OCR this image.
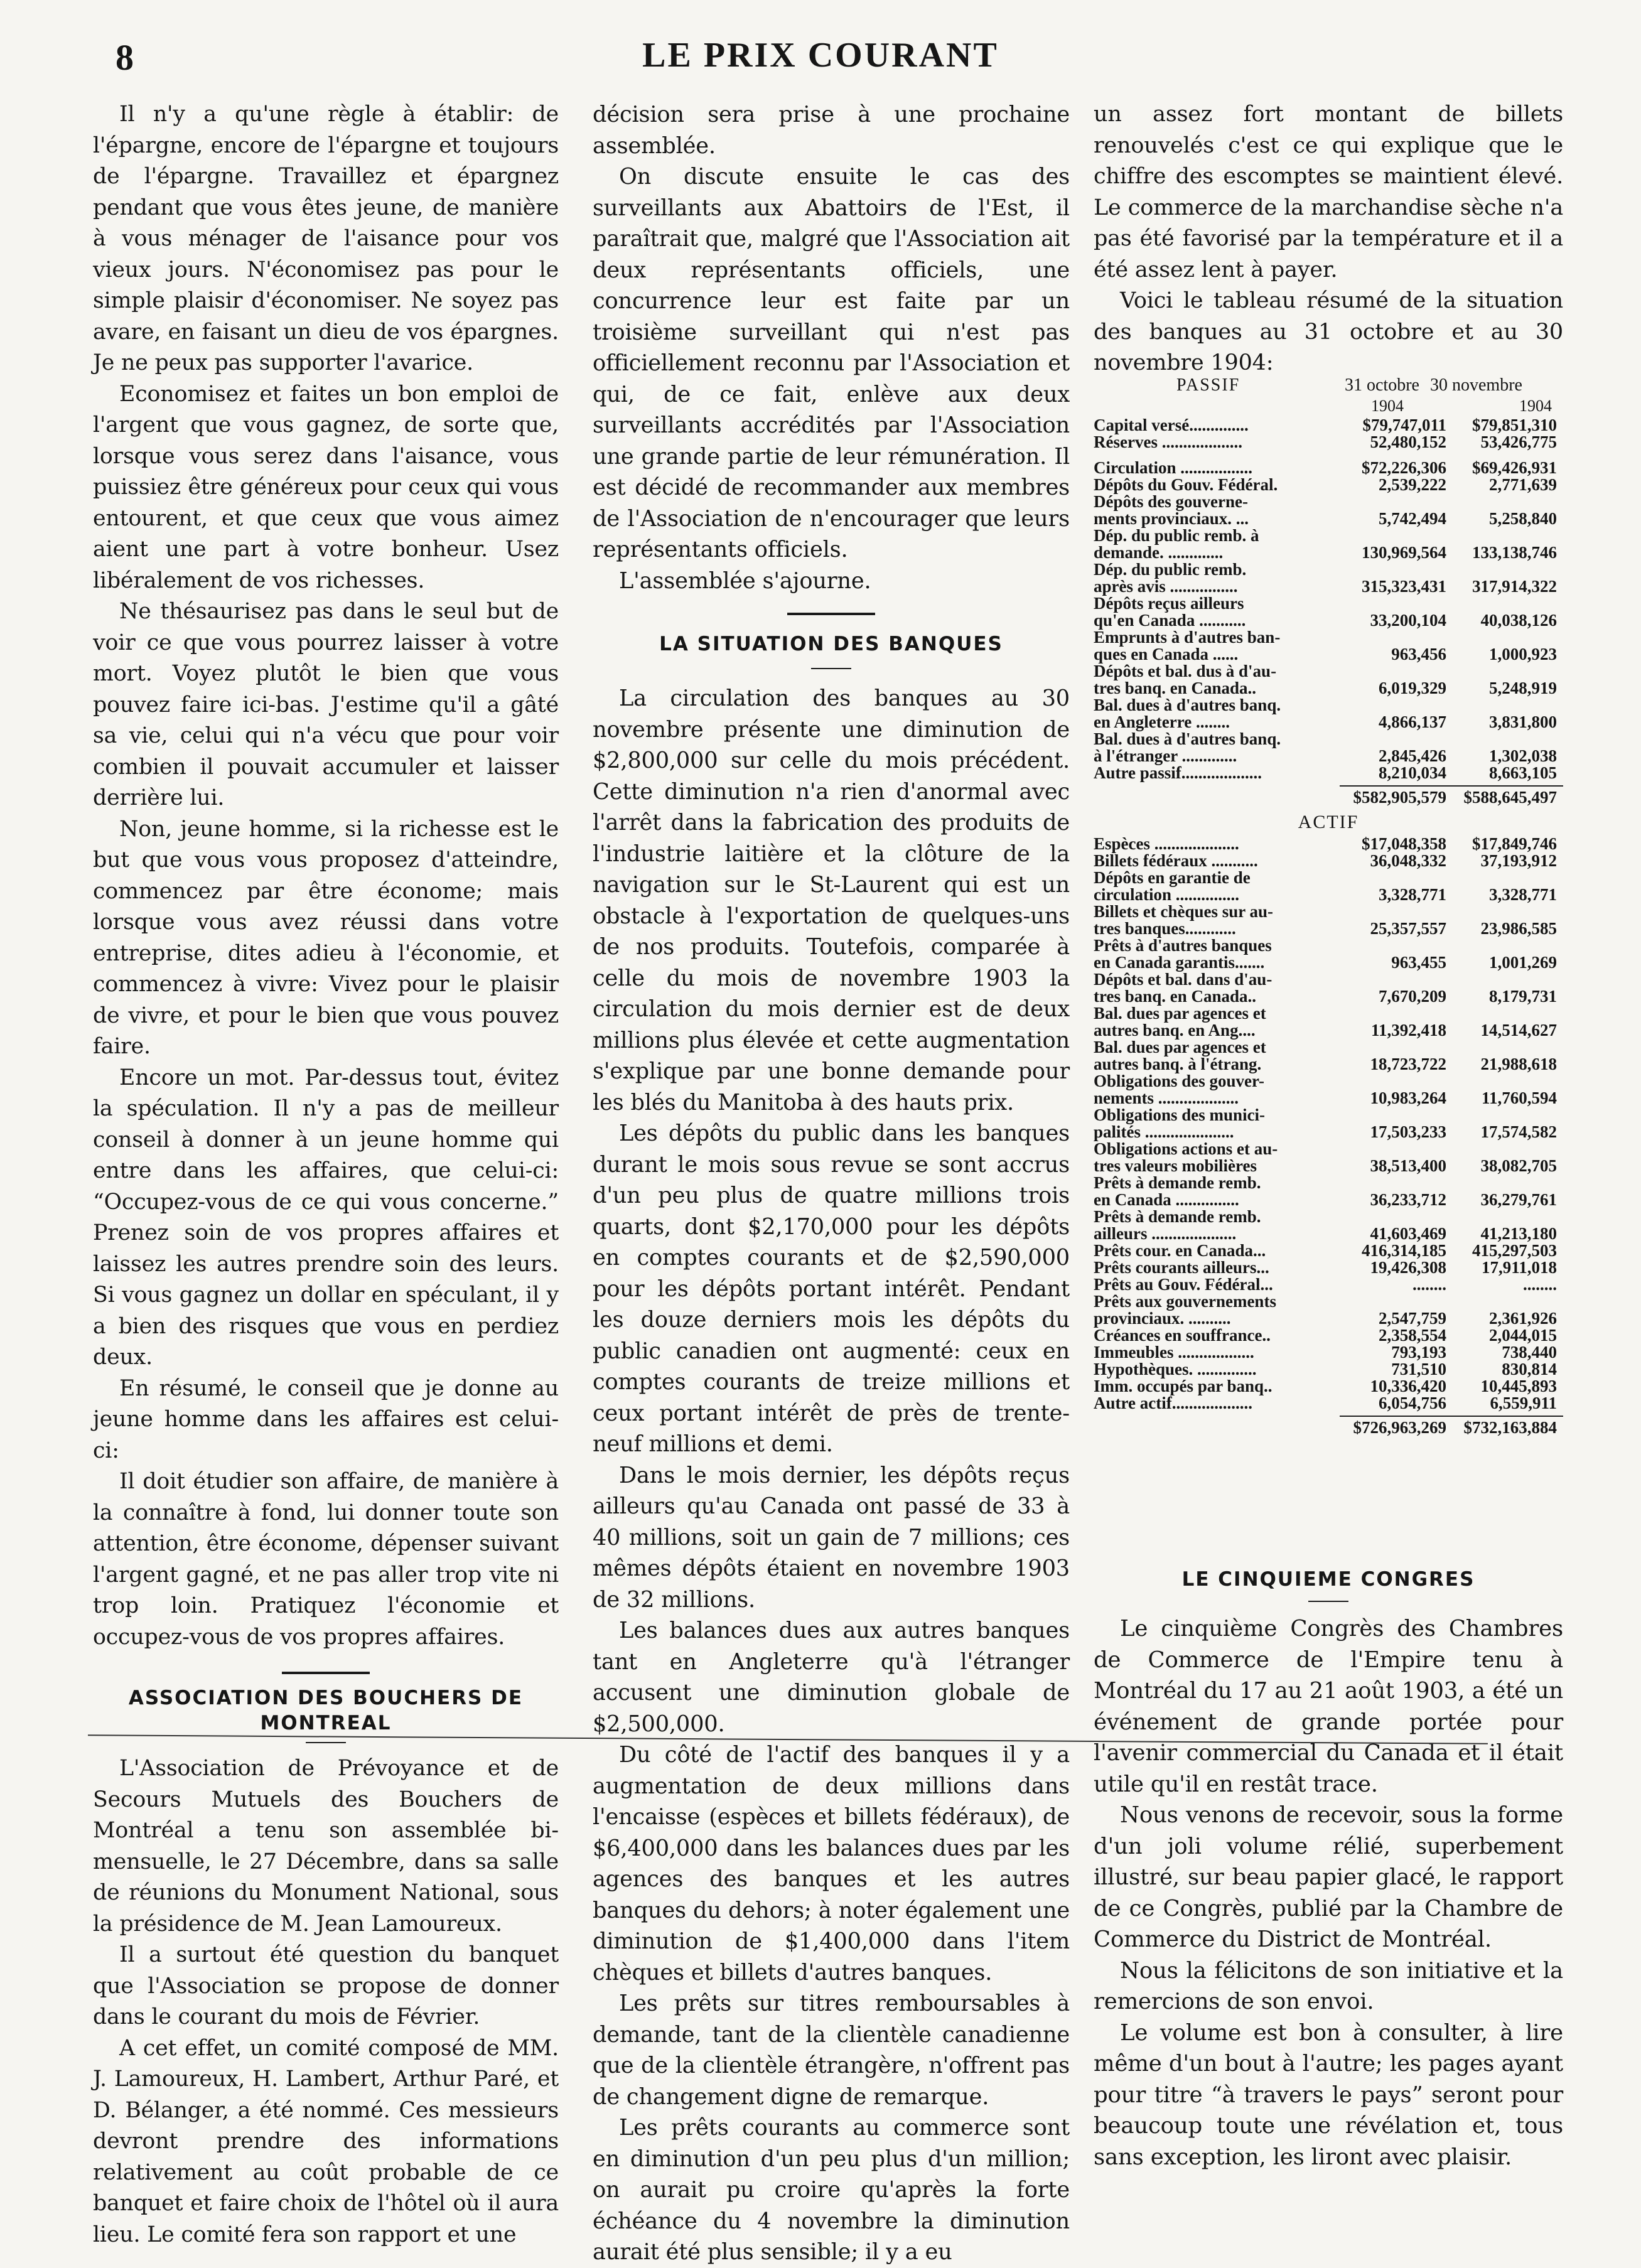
8	LE PRIX COURANT

Il n'y a qu'une règle à établir: de l'épargne, encore de l'épargne et toujours de l'épargne. Travaillez et épargnez pendant que vous êtes jeune, de manière à vous ménager de l'aisance pour vos vieux jours. N'économisez pas pour le simple plaisir d'économiser. Ne soyez pas avare, en faisant un dieu de vos épargnes. Je ne peux pas supporter l'avarice.

Economisez et faites un bon emploi de l'argent que vous gagnez, de sorte que, lorsque vous serez dans l'aisance, vous puissiez être généreux pour ceux qui vous entourent, et que ceux que vous aimez aient une part à votre bonheur. Usez libéralement de vos richesses.

Ne thésaurisez pas dans le seul but de voir ce que vous pourrez laisser à votre mort. Voyez plutôt le bien que vous pouvez faire ici-bas. J'estime qu'il a gâté sa vie, celui qui n'a vécu que pour voir combien il pouvait accumuler et laisser derrière lui.

Non, jeune homme, si la richesse est le but que vous vous proposez d'atteindre, commencez par être économe; mais lorsque vous avez réussi dans votre entreprise, dites adieu à l'économie, et commencez à vivre: Vivez pour le plaisir de vivre, et pour le bien que vous pouvez faire.

Encore un mot. Par-dessus tout, évitez la spéculation. Il n'y a pas de meilleur conseil à donner à un jeune homme qui entre dans les affaires, que celui-ci: “Occupez-vous de ce qui vous concerne.” Prenez soin de vos propres affaires et laissez les autres prendre soin des leurs. Si vous gagnez un dollar en spéculant, il y a bien des risques que vous en perdiez deux.

En résumé, le conseil que je donne au jeune homme dans les affaires est celui-ci:

Il doit étudier son affaire, de manière à la connaître à fond, lui donner toute son attention, être économe, dépenser suivant l'argent gagné, et ne pas aller trop vite ni trop loin. Pratiquez l'économie et occupez-vous de vos propres affaires.

ASSOCIATION DES BOUCHERS DE MONTREAL

L'Association de Prévoyance et de Secours Mutuels des Bouchers de Montréal a tenu son assemblée bi-mensuelle, le 27 Décembre, dans sa salle de réunions du Monument National, sous la présidence de M. Jean Lamoureux.

Il a surtout été question du banquet que l'Association se propose de donner dans le courant du mois de Février.

A cet effet, un comité composé de MM. J. Lamoureux, H. Lambert, Arthur Paré, et D. Bélanger, a été nommé. Ces messieurs devront prendre des informations relativement au coût probable de ce banquet et faire choix de l'hôtel où il aura lieu. Le comité fera son rapport et une

décision sera prise à une prochaine assemblée.

On discute ensuite le cas des surveillants aux Abattoirs de l'Est, il paraîtrait que, malgré que l'Association ait deux représentants officiels, une concurrence leur est faite par un troisième surveillant qui n'est pas officiellement reconnu par l'Association et qui, de ce fait, enlève aux deux surveillants accrédités par l'Association une grande partie de leur rémunération. Il est décidé de recommander aux membres de l'Association de n'encourager que leurs représentants officiels.

L'assemblée s'ajourne.

LA SITUATION DES BANQUES

La circulation des banques au 30 novembre présente une diminution de $2,800,000 sur celle du mois précédent. Cette diminution n'a rien d'anormal avec l'arrêt dans la fabrication des produits de l'industrie laitière et la clôture de la navigation sur le St-Laurent qui est un obstacle à l'exportation de quelques-uns de nos produits. Toutefois, comparée à celle du mois de novembre 1903 la circulation du mois dernier est de deux millions plus élevée et cette augmentation s'explique par une bonne demande pour les blés du Manitoba à des hauts prix.

Les dépôts du public dans les banques durant le mois sous revue se sont accrus d'un peu plus de quatre millions trois quarts, dont $2,170,000 pour les dépôts en comptes courants et de $2,590,000 pour les dépôts portant intérêt. Pendant les douze derniers mois les dépôts du public canadien ont augmenté: ceux en comptes courants de treize millions et ceux portant intérêt de près de trente-neuf millions et demi.

Dans le mois dernier, les dépôts reçus ailleurs qu'au Canada ont passé de 33 à 40 millions, soit un gain de 7 millions; ces mêmes dépôts étaient en novembre 1903 de 32 millions.

Les balances dues aux autres banques tant en Angleterre qu'à l'étranger accusent une diminution globale de $2,500,000.

Du côté de l'actif des banques il y a augmentation de deux millions dans l'encaisse (espèces et billets fédéraux), de $6,400,000 dans les balances dues par les agences des banques et les autres banques du dehors; à noter également une diminution de $1,400,000 dans l'item chèques et billets d'autres banques.

Les prêts sur titres remboursables à demande, tant de la clientèle canadienne que de la clientèle étrangère, n'offrent pas de changement digne de remarque.

Les prêts courants au commerce sont en diminution d'un peu plus d'un million; on aurait pu croire qu'après la forte échéance du 4 novembre la diminution aurait été plus sensible; il y a eu

un assez fort montant de billets renouvelés c'est ce qui explique que le chiffre des escomptes se maintient élevé. Le commerce de la marchandise sèche n'a pas été favorisé par la température et il a été assez lent à payer.

Voici le tableau résumé de la situation des banques au 31 octobre et au 30 novembre 1904:

PASSIF	31 octobre 30 novembre
1904	1904
Capital versé..............	$79,747,011	$79,851,310
Réserves ...................	52,480,152	53,426,775
Circulation .................	$72,226,306	$69,426,931
Dépôts du Gouv. Fédéral.	2,539,222	2,771,639
Dépôts des gouverne-
ments provinciaux. ...	5,742,494	5,258,840
Dép. du public remb. à
demande. .............	130,969,564	133,138,746
Dép. du public remb.
après avis ................	315,323,431	317,914,322
Dépôts reçus ailleurs
qu'en Canada ...........	33,200,104	40,038,126
Emprunts à d'autres ban-
ques en Canada ......	963,456	1,000,923
Dépôts et bal. dus à d'au-
tres banq. en Canada..	6,019,329	5,248,919
Bal. dues à d'autres banq.
en Angleterre ........	4,866,137	3,831,800
Bal. dues à d'autres banq.
à l'étranger .............	2,845,426	1,302,038
Autre passif...................	8,210,034	8,663,105
$582,905,579	$588,645,497
ACTIF
Espèces ....................	$17,048,358	$17,849,746
Billets fédéraux ...........	36,048,332	37,193,912
Dépôts en garantie de
circulation ...............	3,328,771	3,328,771
Billets et chèques sur au-
tres banques............	25,357,557	23,986,585
Prêts à d'autres banques
en Canada garantis.......	963,455	1,001,269
Dépôts et bal. dans d'au-
tres banq. en Canada..	7,670,209	8,179,731
Bal. dues par agences et
autres banq. en Ang....	11,392,418	14,514,627
Bal. dues par agences et
autres banq. à l'étrang.	18,723,722	21,988,618
Obligations des gouver-
nements ...................	10,983,264	11,760,594
Obligations des munici-
palités .....................	17,503,233	17,574,582
Obligations actions et au-
tres valeurs mobilières	38,513,400	38,082,705
Prêts à demande remb.
en Canada ...............	36,233,712	36,279,761
Prêts à demande remb.
ailleurs ....................	41,603,469	41,213,180
Prêts cour. en Canada...	416,314,185	415,297,503
Prêts courants ailleurs...	19,426,308	17,911,018
Prêts au Gouv. Fédéral...	........	........
Prêts aux gouvernements
provinciaux. ..........	2,547,759	2,361,926
Créances en souffrance..	2,358,554	2,044,015
Immeubles ..................	793,193	738,440
Hypothèques. ..............	731,510	830,814
Imm. occupés par banq..	10,336,420	10,445,893
Autre actif...................	6,054,756	6,559,911
$726,963,269	$732,163,884
LE CINQUIEME CONGRES

Le cinquième Congrès des Chambres de Commerce de l'Empire tenu à Montréal du 17 au 21 août 1903, a été un événement de grande portée pour l'avenir commercial du Canada et il était utile qu'il en restât trace.

Nous venons de recevoir, sous la forme d'un joli volume rélié, superbement illustré, sur beau papier glacé, le rapport de ce Congrès, publié par la Chambre de Commerce du District de Montréal.

Nous la félicitons de son initiative et la remercions de son envoi.

Le volume est bon à consulter, à lire même d'un bout à l'autre; les pages ayant pour titre “à travers le pays” seront pour beaucoup toute une révélation et, tous sans exception, les liront avec plaisir.
